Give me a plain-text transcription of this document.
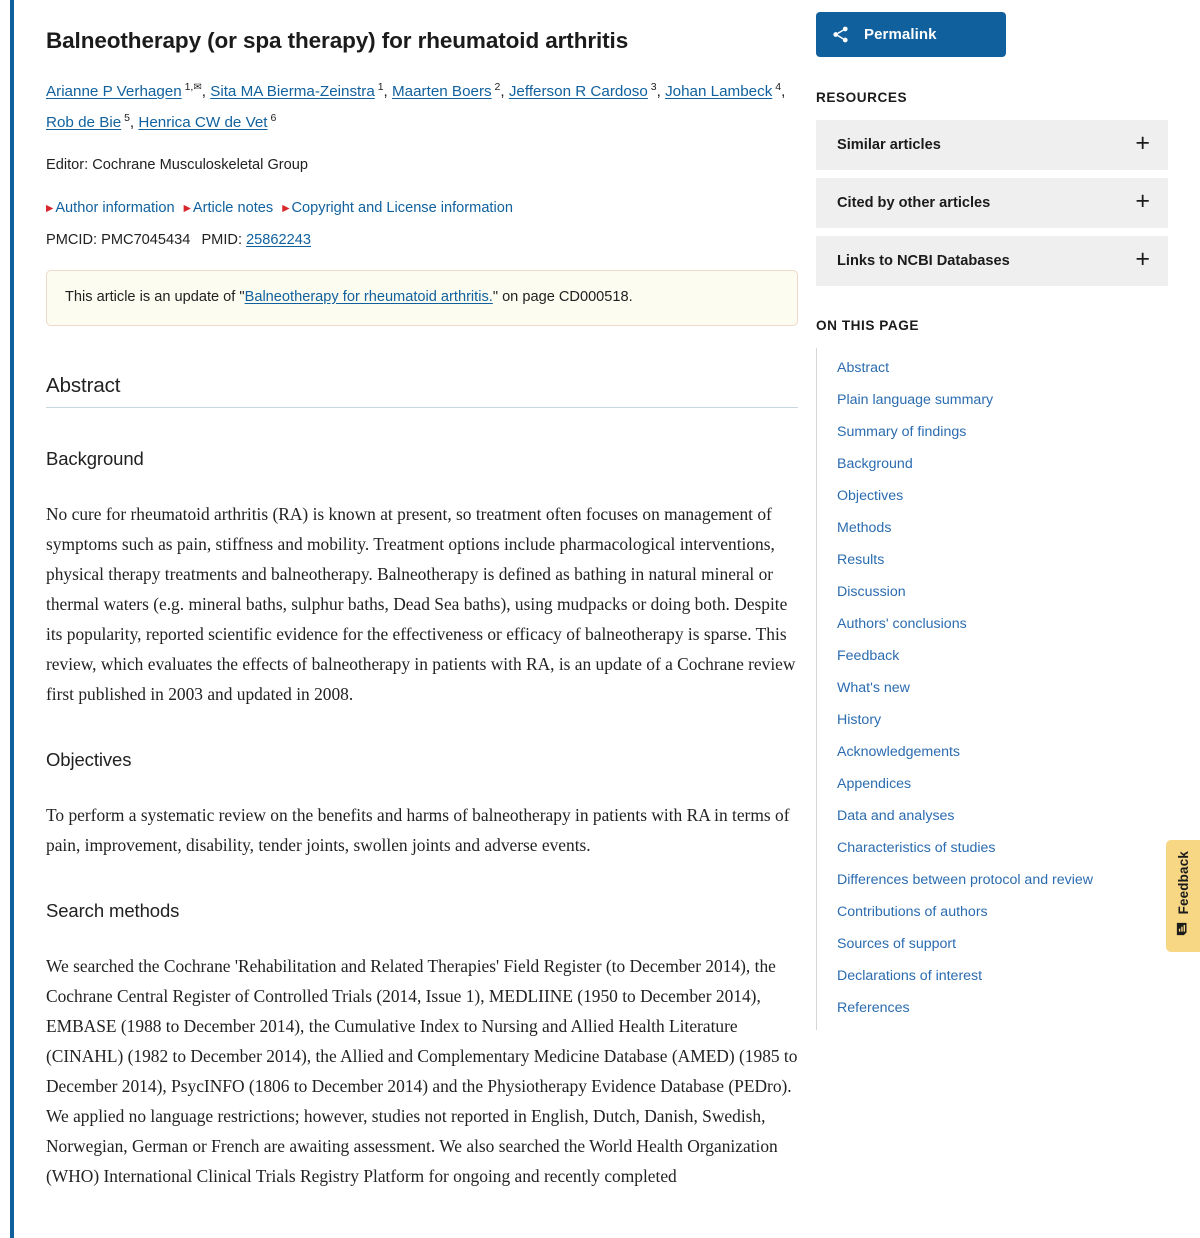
Balneotherapy (or spa therapy) for rheumatoid arthritis
Arianne P Verhagen $^{1,✉}$, Sita MA Bierma-Zeinstra $^1$, Maarten Boers $^2$, Jefferson R Cardoso $^3$, Johan Lambeck $^4$, Rob de Bie $^5$, Henrica CW de Vet $^6$
Editor: Cochrane Musculoskeletal Group
▶ Author information ▶ Article notes ▶ Copyright and License information
PMCID: PMC7045434 PMID: 25862243
This article is an update of "Balneotherapy for rheumatoid arthritis." on page CD000518.
Abstract
Background

No cure for rheumatoid arthritis (RA) is known at present, so treatment often focuses on management of symptoms such as pain, stiffness and mobility. Treatment options include pharmacological interventions, physical therapy treatments and balneotherapy. Balneotherapy is defined as bathing in natural mineral or thermal waters (e.g. mineral baths, sulphur baths, Dead Sea baths), using mudpacks or doing both. Despite its popularity, reported scientific evidence for the effectiveness or efficacy of balneotherapy is sparse. This review, which evaluates the effects of balneotherapy in patients with RA, is an update of a Cochrane review first published in 2003 and updated in 2008.

Objectives

To perform a systematic review on the benefits and harms of balneotherapy in patients with RA in terms of pain, improvement, disability, tender joints, swollen joints and adverse events.

Search methods

We searched the Cochrane 'Rehabilitation and Related Therapies' Field Register (to December 2014), the Cochrane Central Register of Controlled Trials (2014, Issue 1), MEDLIINE (1950 to December 2014), EMBASE (1988 to December 2014), the Cumulative Index to Nursing and Allied Health Literature (CINAHL) (1982 to December 2014), the Allied and Complementary Medicine Database (AMED) (1985 to December 2014), PsycINFO (1806 to December 2014) and the Physiotherapy Evidence Database (PEDro). We applied no language restrictions; however, studies not reported in English, Dutch, Danish, Swedish, Norwegian, German or French are awaiting assessment. We also searched the World Health Organization (WHO) International Clinical Trials Registry Platform for ongoing and recently completed

Permalink
RESOURCES
Similar articles	+
Cited by other articles	+
Links to NCBI Databases	+
ON THIS PAGE
Abstract
Plain language summary
Summary of findings
Background
Objectives
Methods
Results
Discussion
Authors' conclusions
Feedback
What's new
History
Acknowledgements
Appendices
Data and analyses
Characteristics of studies
Differences between protocol and review
Contributions of authors
Sources of support
Declarations of interest
References
Feedback
